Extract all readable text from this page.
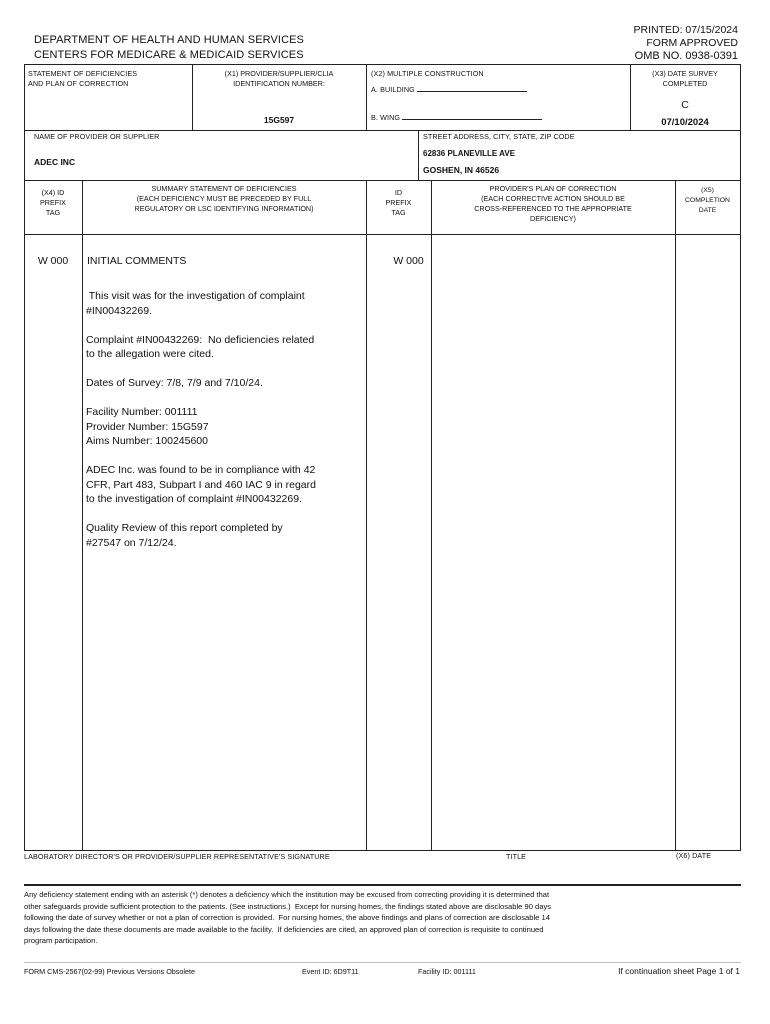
DEPARTMENT OF HEALTH AND HUMAN SERVICES
CENTERS FOR MEDICARE & MEDICAID SERVICES
PRINTED: 07/15/2024
FORM APPROVED
OMB NO. 0938-0391
STATEMENT OF DEFICIENCIES
AND PLAN OF CORRECTION
(X1) PROVIDER/SUPPLIER/CLIA
IDENTIFICATION NUMBER:
15G597
(X2) MULTIPLE CONSTRUCTION
A. BUILDING
B. WING
(X3) DATE SURVEY
COMPLETED
C
07/10/2024
NAME OF PROVIDER OR SUPPLIER
ADEC INC
STREET ADDRESS, CITY, STATE, ZIP CODE
62836 PLANEVILLE AVE
GOSHEN, IN 46526
(X4) ID
PREFIX
TAG
SUMMARY STATEMENT OF DEFICIENCIES
(EACH DEFICIENCY MUST BE PRECEDED BY FULL
REGULATORY OR LSC IDENTIFYING INFORMATION)
ID
PREFIX
TAG
PROVIDER'S PLAN OF CORRECTION
(EACH CORRECTIVE ACTION SHOULD BE
CROSS-REFERENCED TO THE APPROPRIATE
DEFICIENCY)
(X5)
COMPLETION
DATE
W 000	INITIAL COMMENTS	W 000
This visit was for the investigation of complaint
#IN00432269.
Complaint #IN00432269:  No deficiencies related
to the allegation were cited.
Dates of Survey: 7/8, 7/9 and 7/10/24.
Facility Number: 001111
Provider Number: 15G597
Aims Number: 100245600
ADEC Inc. was found to be in compliance with 42
CFR, Part 483, Subpart I and 460 IAC 9 in regard
to the investigation of complaint #IN00432269.
Quality Review of this report completed by
#27547 on 7/12/24.
LABORATORY DIRECTOR'S OR PROVIDER/SUPPLIER REPRESENTATIVE'S SIGNATURE	TITLE	(X6) DATE
Any deficiency statement ending with an asterisk (*) denotes a deficiency which the institution may be excused from correcting providing it is determined that
other safeguards provide sufficient protection to the patients. (See instructions.)  Except for nursing homes, the findings stated above are disclosable 90 days
following the date of survey whether or not a plan of correction is provided.  For nursing homes, the above findings and plans of correction are disclosable 14
days following the date these documents are made available to the facility.  If deficiencies are cited, an approved plan of correction is requisite to continued
program participation.
FORM CMS-2567(02-99) Previous Versions Obsolete	Event ID: 6D9T11	Facility ID: 001111	If continuation sheet Page 1 of 1
